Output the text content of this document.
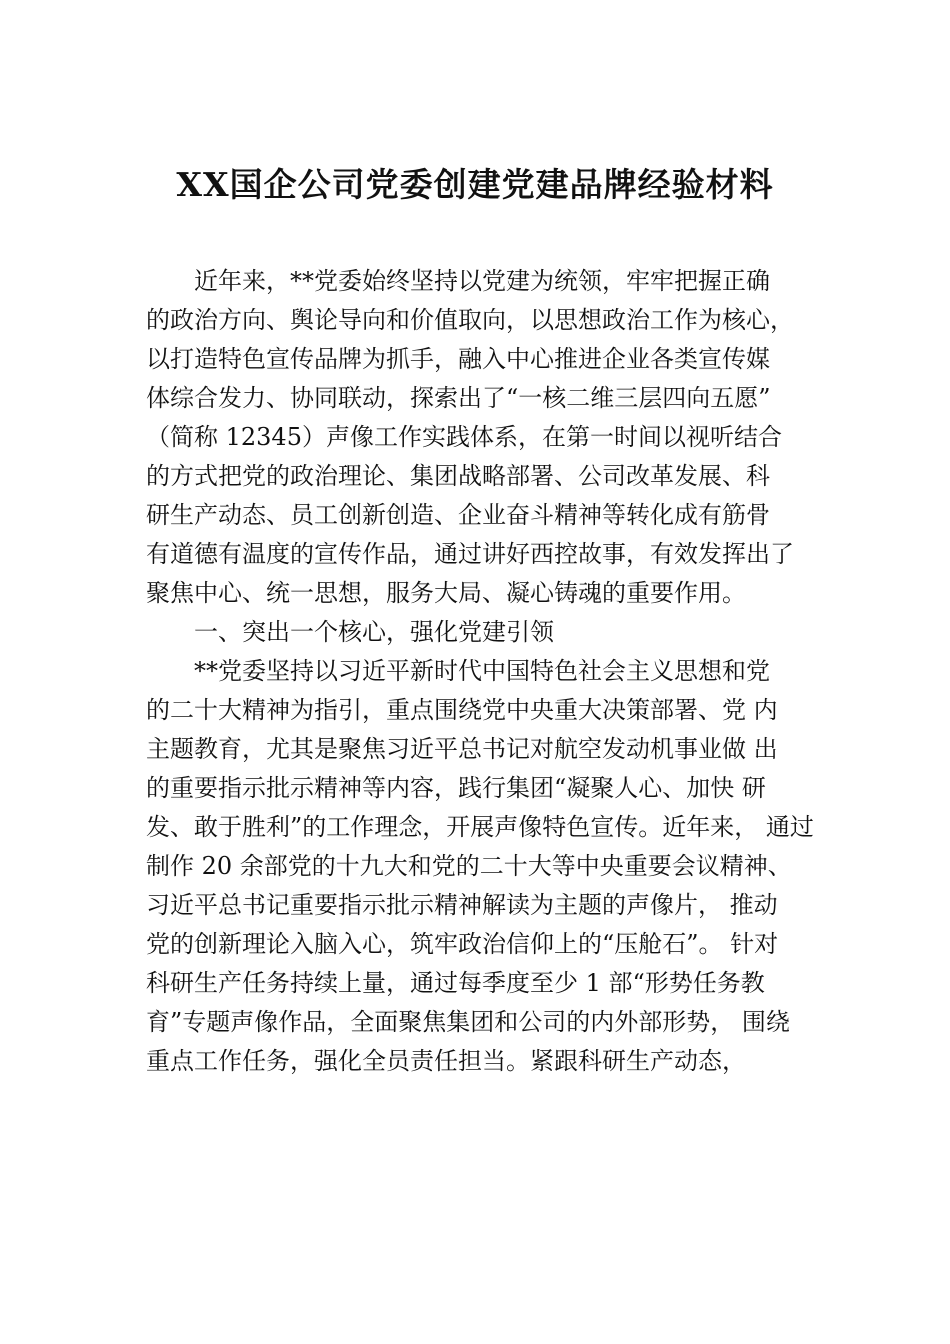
XX国企公司党委创建党建品牌经验材料
近年来，**党委始终坚持以党建为统领，牢牢把握正确
的政治方向、舆论导向和价值取向，以思想政治工作为核心，
以打造特色宣传品牌为抓手，融入中心推进企业各类宣传媒
体综合发力、协同联动，探索出了“一核二维三层四向五愿”
（简称 12345）声像工作实践体系，在第一时间以视听结合
的方式把党的政治理论、集团战略部署、公司改革发展、科
研生产动态、员工创新创造、企业奋斗精神等转化成有筋骨
有道德有温度的宣传作品，通过讲好西控故事，有效发挥出了
聚焦中心、统一思想，服务大局、凝心铸魂的重要作用。
一、突出一个核心，强化党建引领
**党委坚持以习近平新时代中国特色社会主义思想和党
的二十大精神为指引，重点围绕党中央重大决策部署、党 内
主题教育，尤其是聚焦习近平总书记对航空发动机事业做 出
的重要指示批示精神等内容，践行集团“凝聚人心、加快 研
发、敢于胜利”的工作理念，开展声像特色宣传。近年来， 通过
制作 20 余部党的十九大和党的二十大等中央重要会议精神、
习近平总书记重要指示批示精神解读为主题的声像片， 推动
党的创新理论入脑入心，筑牢政治信仰上的“压舱石”。 针对
科研生产任务持续上量，通过每季度至少 1 部“形势任务教
育”专题声像作品，全面聚焦集团和公司的内外部形势， 围绕
重点工作任务，强化全员责任担当。紧跟科研生产动态，
